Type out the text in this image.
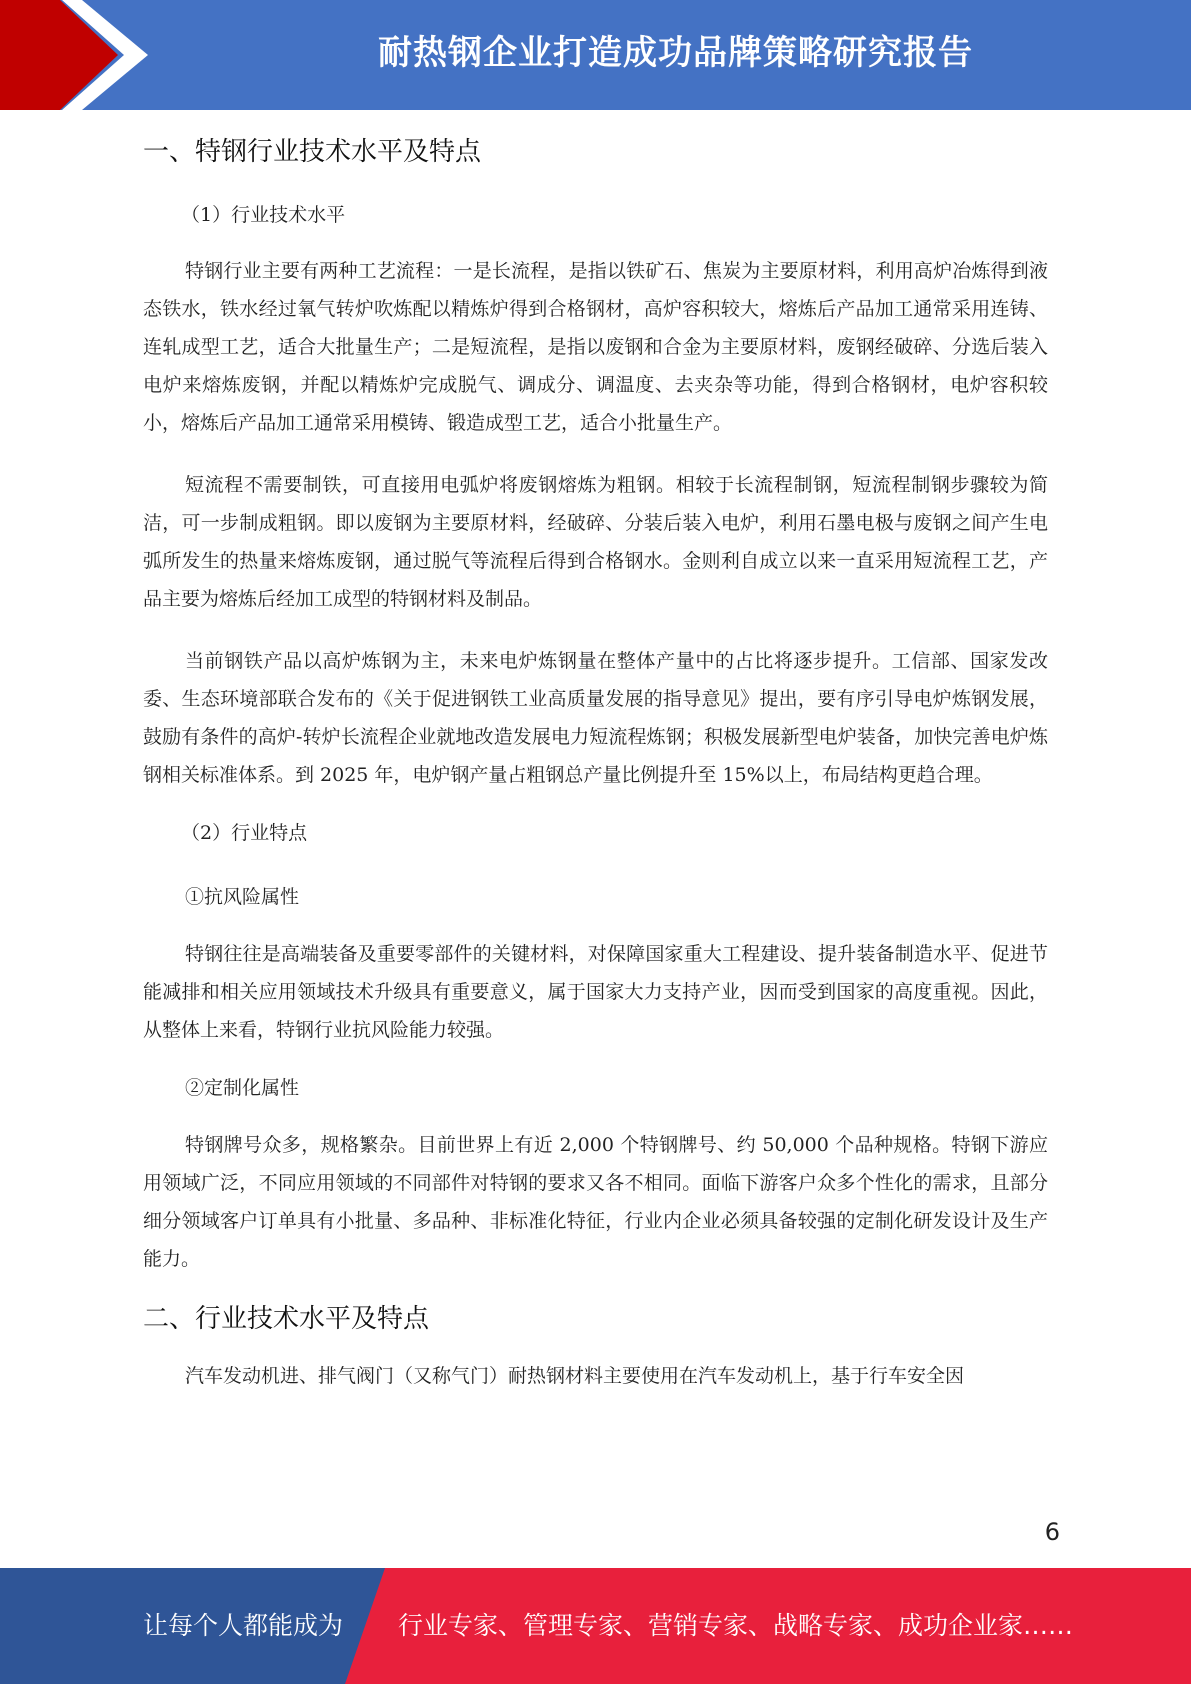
耐热钢企业打造成功品牌策略研究报告
一、特钢行业技术水平及特点

（1）行业技术水平

特钢行业主要有两种工艺流程：一是长流程，是指以铁矿石、焦炭为主要原材料，利用高炉冶炼得到液态铁水，铁水经过氧气转炉吹炼配以精炼炉得到合格钢材，高炉容积较大，熔炼后产品加工通常采用连铸、连轧成型工艺，适合大批量生产；二是短流程，是指以废钢和合金为主要原材料，废钢经破碎、分选后装入电炉来熔炼废钢，并配以精炼炉完成脱气、调成分、调温度、去夹杂等功能，得到合格钢材，电炉容积较小，熔炼后产品加工通常采用模铸、锻造成型工艺，适合小批量生产。

短流程不需要制铁，可直接用电弧炉将废钢熔炼为粗钢。相较于长流程制钢，短流程制钢步骤较为简洁，可一步制成粗钢。即以废钢为主要原材料，经破碎、分装后装入电炉，利用石墨电极与废钢之间产生电弧所发生的热量来熔炼废钢，通过脱气等流程后得到合格钢水。金则利自成立以来一直采用短流程工艺，产品主要为熔炼后经加工成型的特钢材料及制品。

当前钢铁产品以高炉炼钢为主，未来电炉炼钢量在整体产量中的占比将逐步提升。工信部、国家发改委、生态环境部联合发布的《关于促进钢铁工业高质量发展的指导意见》提出，要有序引导电炉炼钢发展，鼓励有条件的高炉-转炉长流程企业就地改造发展电力短流程炼钢；积极发展新型电炉装备，加快完善电炉炼钢相关标准体系。到 2025 年，电炉钢产量占粗钢总产量比例提升至 15%以上，布局结构更趋合理。

（2）行业特点

①抗风险属性

特钢往往是高端装备及重要零部件的关键材料，对保障国家重大工程建设、提升装备制造水平、促进节能减排和相关应用领域技术升级具有重要意义，属于国家大力支持产业，因而受到国家的高度重视。因此，从整体上来看，特钢行业抗风险能力较强。

②定制化属性

特钢牌号众多，规格繁杂。目前世界上有近 2,000 个特钢牌号、约 50,000 个品种规格。特钢下游应用领域广泛，不同应用领域的不同部件对特钢的要求又各不相同。面临下游客户众多个性化的需求，且部分细分领域客户订单具有小批量、多品种、非标准化特征，行业内企业必须具备较强的定制化研发设计及生产能力。

二、行业技术水平及特点

汽车发动机进、排气阀门（又称气门）耐热钢材料主要使用在汽车发动机上，基于行车安全因

6
让每个人都能成为 行业专家、管理专家、营销专家、战略专家、成功企业家……
